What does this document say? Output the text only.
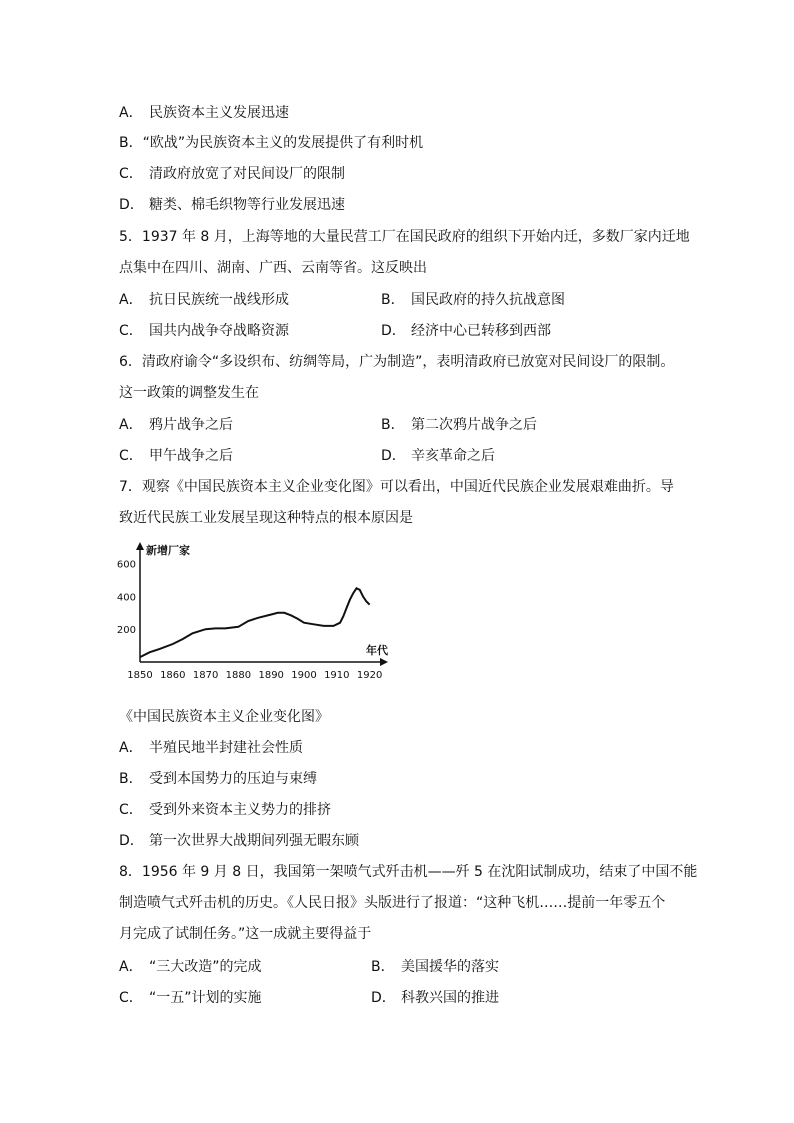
A． 民族资本主义发展迅速
B．“欧战”为民族资本主义的发展提供了有利时机
C． 清政府放宽了对民间设厂的限制
D． 糖类、棉毛织物等行业发展迅速
5．1937 年 8 月，上海等地的大量民营工厂在国民政府的组织下开始内迁，多数厂家内迁地
点集中在四川、湖南、广西、云南等省。这反映出
A． 抗日民族统一战线形成	B． 国民政府的持久抗战意图
C． 国共内战争夺战略资源	D． 经济中心已转移到西部
6．清政府谕令“多设织布、纺绸等局，广为制造”，表明清政府已放宽对民间设厂的限制。
这一政策的调整发生在
A． 鸦片战争之后	B． 第二次鸦片战争之后
C． 甲午战争之后	D． 辛亥革命之后
7．观察《中国民族资本主义企业变化图》可以看出，中国近代民族企业发展艰难曲折。导
致近代民族工业发展呈现这种特点的根本原因是
新增厂家
年代
1850 1860 1870 1880 1890 1900 1910 1920
200
400
600
《中国民族资本主义企业变化图》
A． 半殖民地半封建社会性质
B． 受到本国势力的压迫与束缚
C． 受到外来资本主义势力的排挤
D． 第一次世界大战期间列强无暇东顾
8．1956 年 9 月 8 日，我国第一架喷气式歼击机——歼 5 在沈阳试制成功，结束了中国不能
制造喷气式歼击机的历史。《人民日报》头版进行了报道：“这种飞机……提前一年零五个
月完成了试制任务。”这一成就主要得益于
A． “三大改造”的完成	B． 美国援华的落实
C． “一五”计划的实施	D． 科教兴国的推进
